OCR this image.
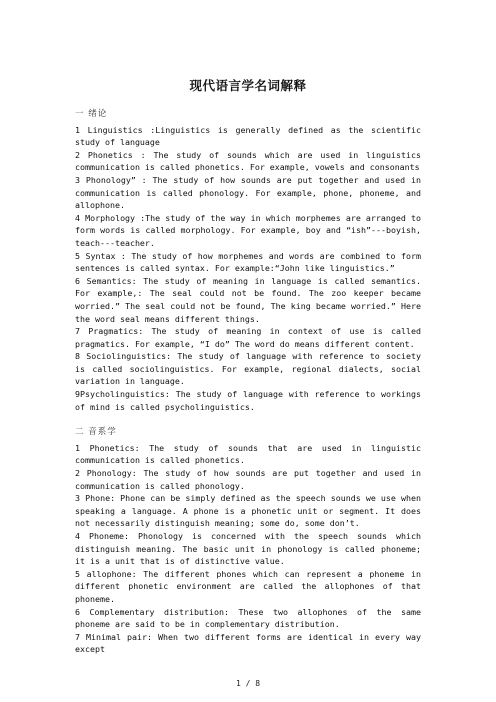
现代语言学名词解释
一 绪论

1 Linguistics :Linguistics is generally defined as the scientific study of language

2 Phonetics : The study of sounds which are used in linguistics communication is called phonetics. For example, vowels and consonants

3 Phonology” : The study of how sounds are put together and used in communication is called phonology. For example, phone, phoneme, and allophone.

4 Morphology :The study of the way in which morphemes are arranged to form words is called morphology. For example, boy and “ish”---boyish, teach---teacher.

5 Syntax : The study of how morphemes and words are combined to form sentences is called syntax. For example:“John like linguistics.”

6 Semantics: The study of meaning in language is called semantics. For example,: The seal could not be found. The zoo keeper became worried.” The seal could not be found, The king became worried.” Here the word seal means different things.

7 Pragmatics: The study of meaning in context of use is called pragmatics. For example, “I do” The word do means different content.

8 Sociolinguistics: The study of language with reference to society is called sociolinguistics. For example, regional dialects, social variation in language.

9Psycholinguistics: The study of language with reference to workings of mind is called psycholinguistics.

二 音系学

1 Phonetics: The study of sounds that are used in linguistic communication is called phonetics.

2 Phonology: The study of how sounds are put together and used in communication is called phonology.

3 Phone: Phone can be simply defined as the speech sounds we use when speaking a language. A phone is a phonetic unit or segment. It does not necessarily distinguish meaning; some do, some don’t.

4 Phoneme: Phonology is concerned with the speech sounds which distinguish meaning. The basic unit in phonology is called phoneme; it is a unit that is of distinctive value.

5 allophone: The different phones which can represent a phoneme in different phonetic environment are called the allophones of that phoneme.

6 Complementary distribution: These two allophones of the same phoneme are said to be in complementary distribution.

7 Minimal pair: When two different forms are identical in every way except

1 / 8
